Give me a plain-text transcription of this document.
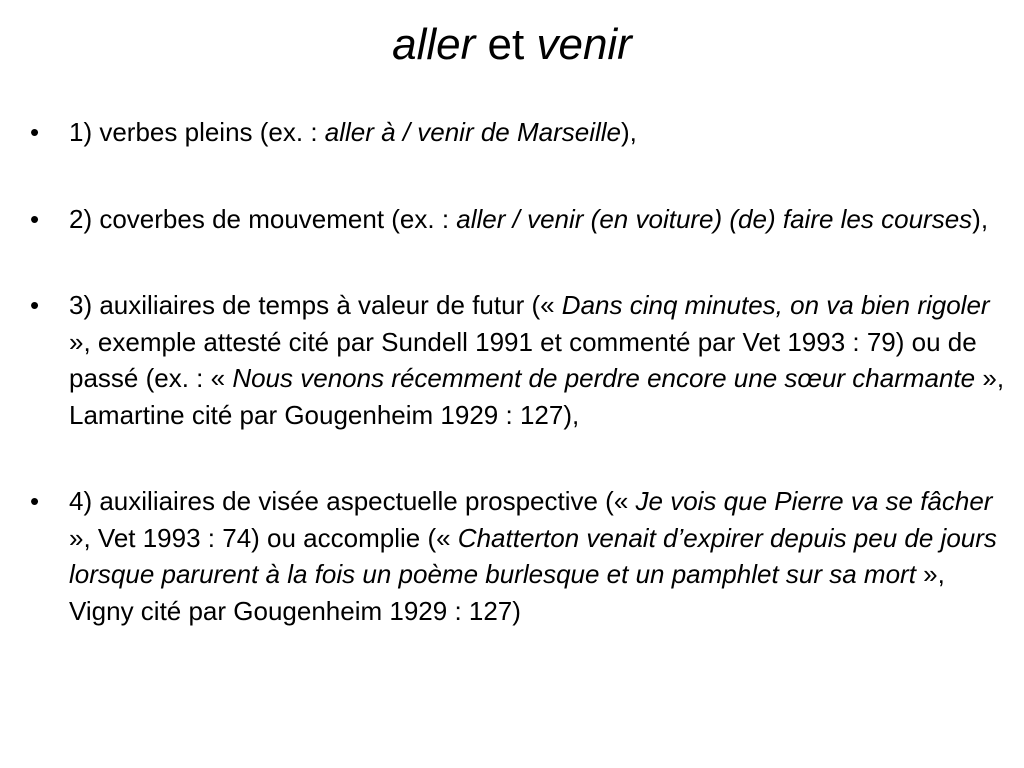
aller et venir
•	1) verbes pleins (ex. : aller à / venir de Marseille),
•	2) coverbes de mouvement (ex. : aller / venir (en voiture) (de) faire les courses),
•	3) auxiliaires de temps à valeur de futur (« Dans cinq minutes, on va bien rigoler », exemple attesté cité par Sundell 1991 et commenté par Vet 1993 : 79) ou de passé (ex. : « Nous venons récemment de perdre encore une sœur charmante », Lamartine cité par Gougenheim 1929 : 127),
•	4) auxiliaires de visée aspectuelle prospective (« Je vois que Pierre va se fâcher », Vet 1993 : 74) ou accomplie (« Chatterton venait d’expirer depuis peu de jours lorsque parurent à la fois un poème burlesque et un pamphlet sur sa mort », Vigny cité par Gougenheim 1929 : 127)
